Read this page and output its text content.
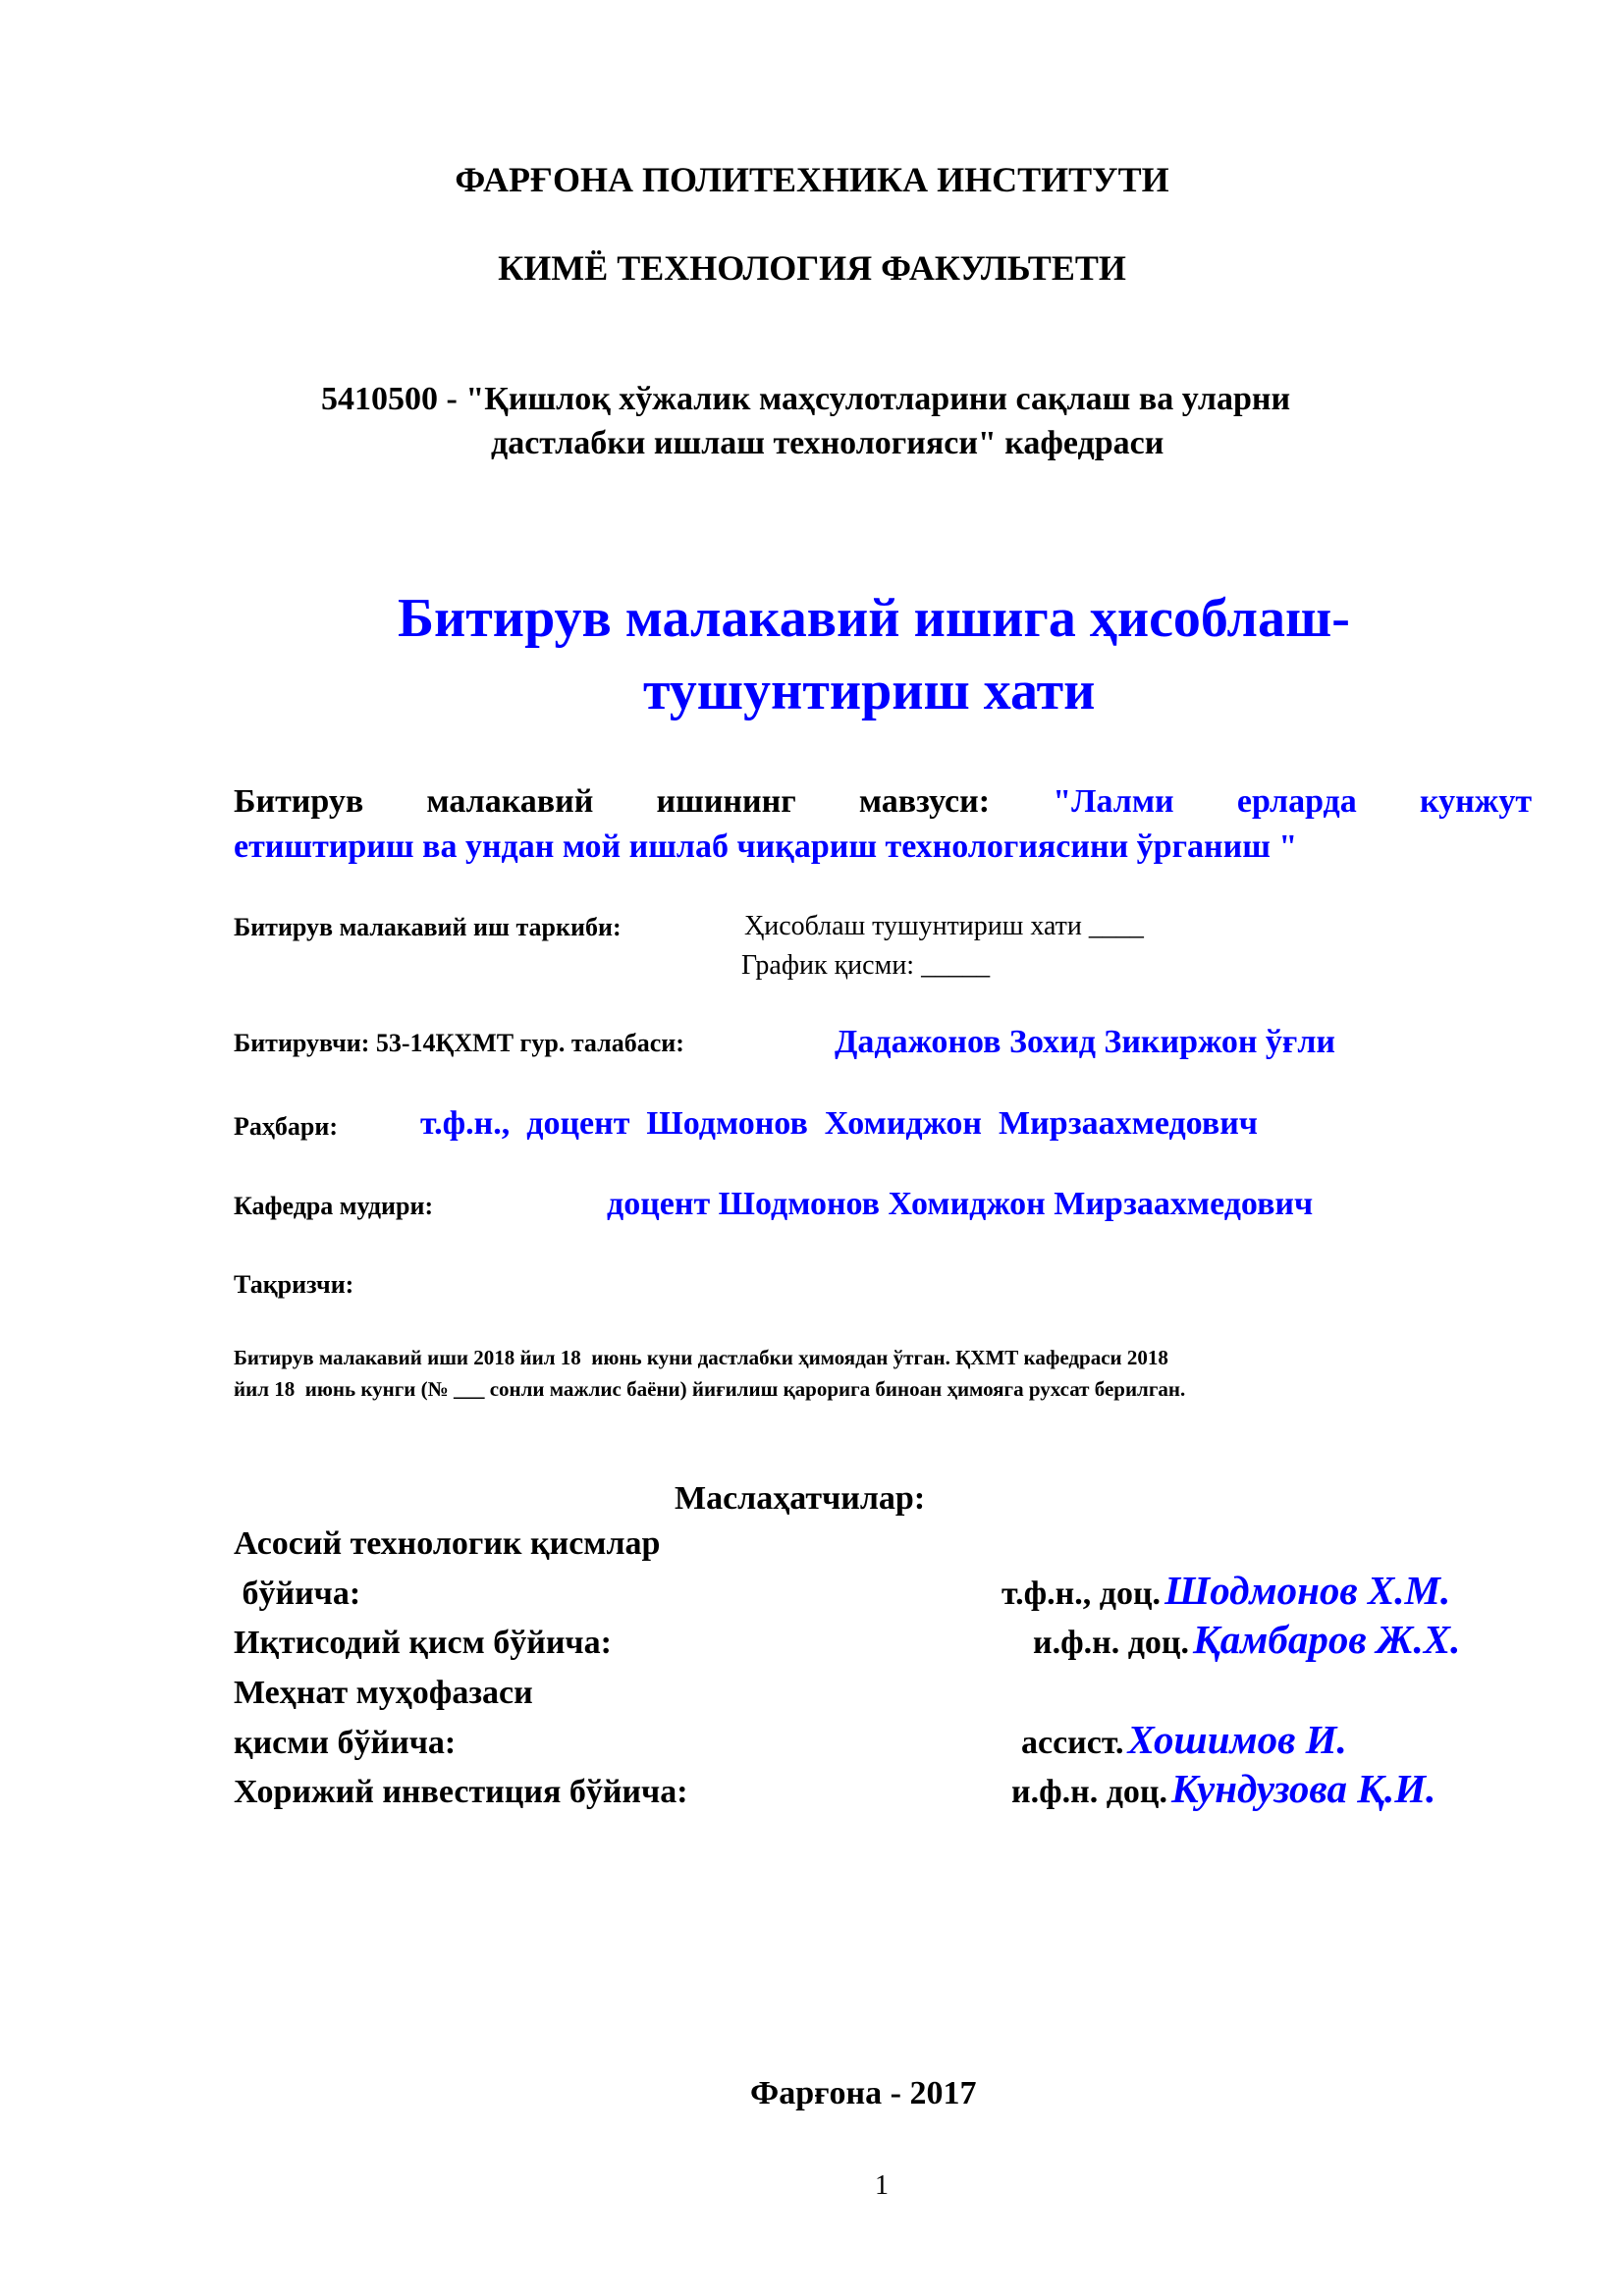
ФАРҒОНА ПОЛИТЕХНИКА ИНСТИТУТИ
КИМЁ ТЕХНОЛОГИЯ ФАКУЛЬТЕТИ
5410500 - "Қишлоқ хўжалик маҳсулотларини сақлаш ва уларни
дастлабки ишлаш технологияси" кафедраси
Битирув малакавий ишига ҳисоблаш-
тушунтириш хати
Битирув малакавий ишининг мавзуси: "Лалми ерларда кунжут
етиштириш ва ундан мой ишлаб чиқариш технологиясини ўрганиш "
Битирув малакавий иш таркиби:	Ҳисоблаш тушунтириш хати ____
График қисми: _____
Битирувчи: 53-14ҚХМТ гур. талабаси:	Дадажонов Зохид Зикиржон ўғли
Раҳбари: т.ф.н.,  доцент  Шодмонов  Хомиджон  Мирзаахмедович
Кафедра мудири:	доцент Шодмонов Хомиджон Мирзаахмедович
Тақризчи:
Битирув малакавий иши 2018 йил 18  июнь куни дастлабки ҳимоядан ўтган. ҚХМТ кафедраси 2018
йил 18  июнь кунги (№ ___ сонли мажлис баёни) йиғилиш қарорига биноан ҳимояга рухсат берилган.
Маслаҳатчилар:
Асосий технологик қисмлар
бўйича:	т.ф.н., доц. Шодмонов Х.М.
Иқтисодий қисм бўйича:	и.ф.н. доц. Қамбаров Ж.Х.
Меҳнат муҳофазаси
қисми бўйича:	ассист. Хошимов И.
Хорижий инвестиция бўйича:	и.ф.н. доц. Кундузова Қ.И.
Фарғона - 2017
1
